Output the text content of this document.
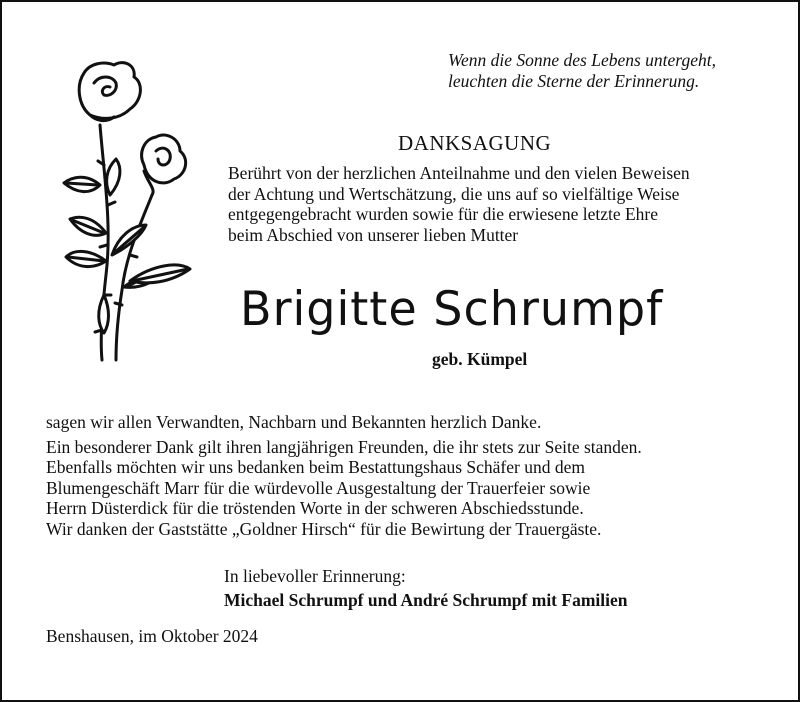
Wenn die Sonne des Lebens untergeht,
leuchten die Sterne der Erinnerung.
DANKSAGUNG
Berührt von der herzlichen Anteilnahme und den vielen Beweisen
der Achtung und Wertschätzung, die uns auf so vielfältige Weise
entgegengebracht wurden sowie für die erwiesene letzte Ehre
beim Abschied von unserer lieben Mutter
Brigitte Schrumpf
geb. Kümpel
sagen wir allen Verwandten, Nachbarn und Bekannten herzlich Danke.
Ein besonderer Dank gilt ihren langjährigen Freunden, die ihr stets zur Seite standen.
Ebenfalls möchten wir uns bedanken beim Bestattungshaus Schäfer und dem
Blumengeschäft Marr für die würdevolle Ausgestaltung der Trauerfeier sowie
Herrn Düsterdick für die tröstenden Worte in der schweren Abschiedsstunde.
Wir danken der Gaststätte „Goldner Hirsch“ für die Bewirtung der Trauergäste.
In liebevoller Erinnerung:
Michael Schrumpf und André Schrumpf mit Familien
Benshausen, im Oktober 2024
